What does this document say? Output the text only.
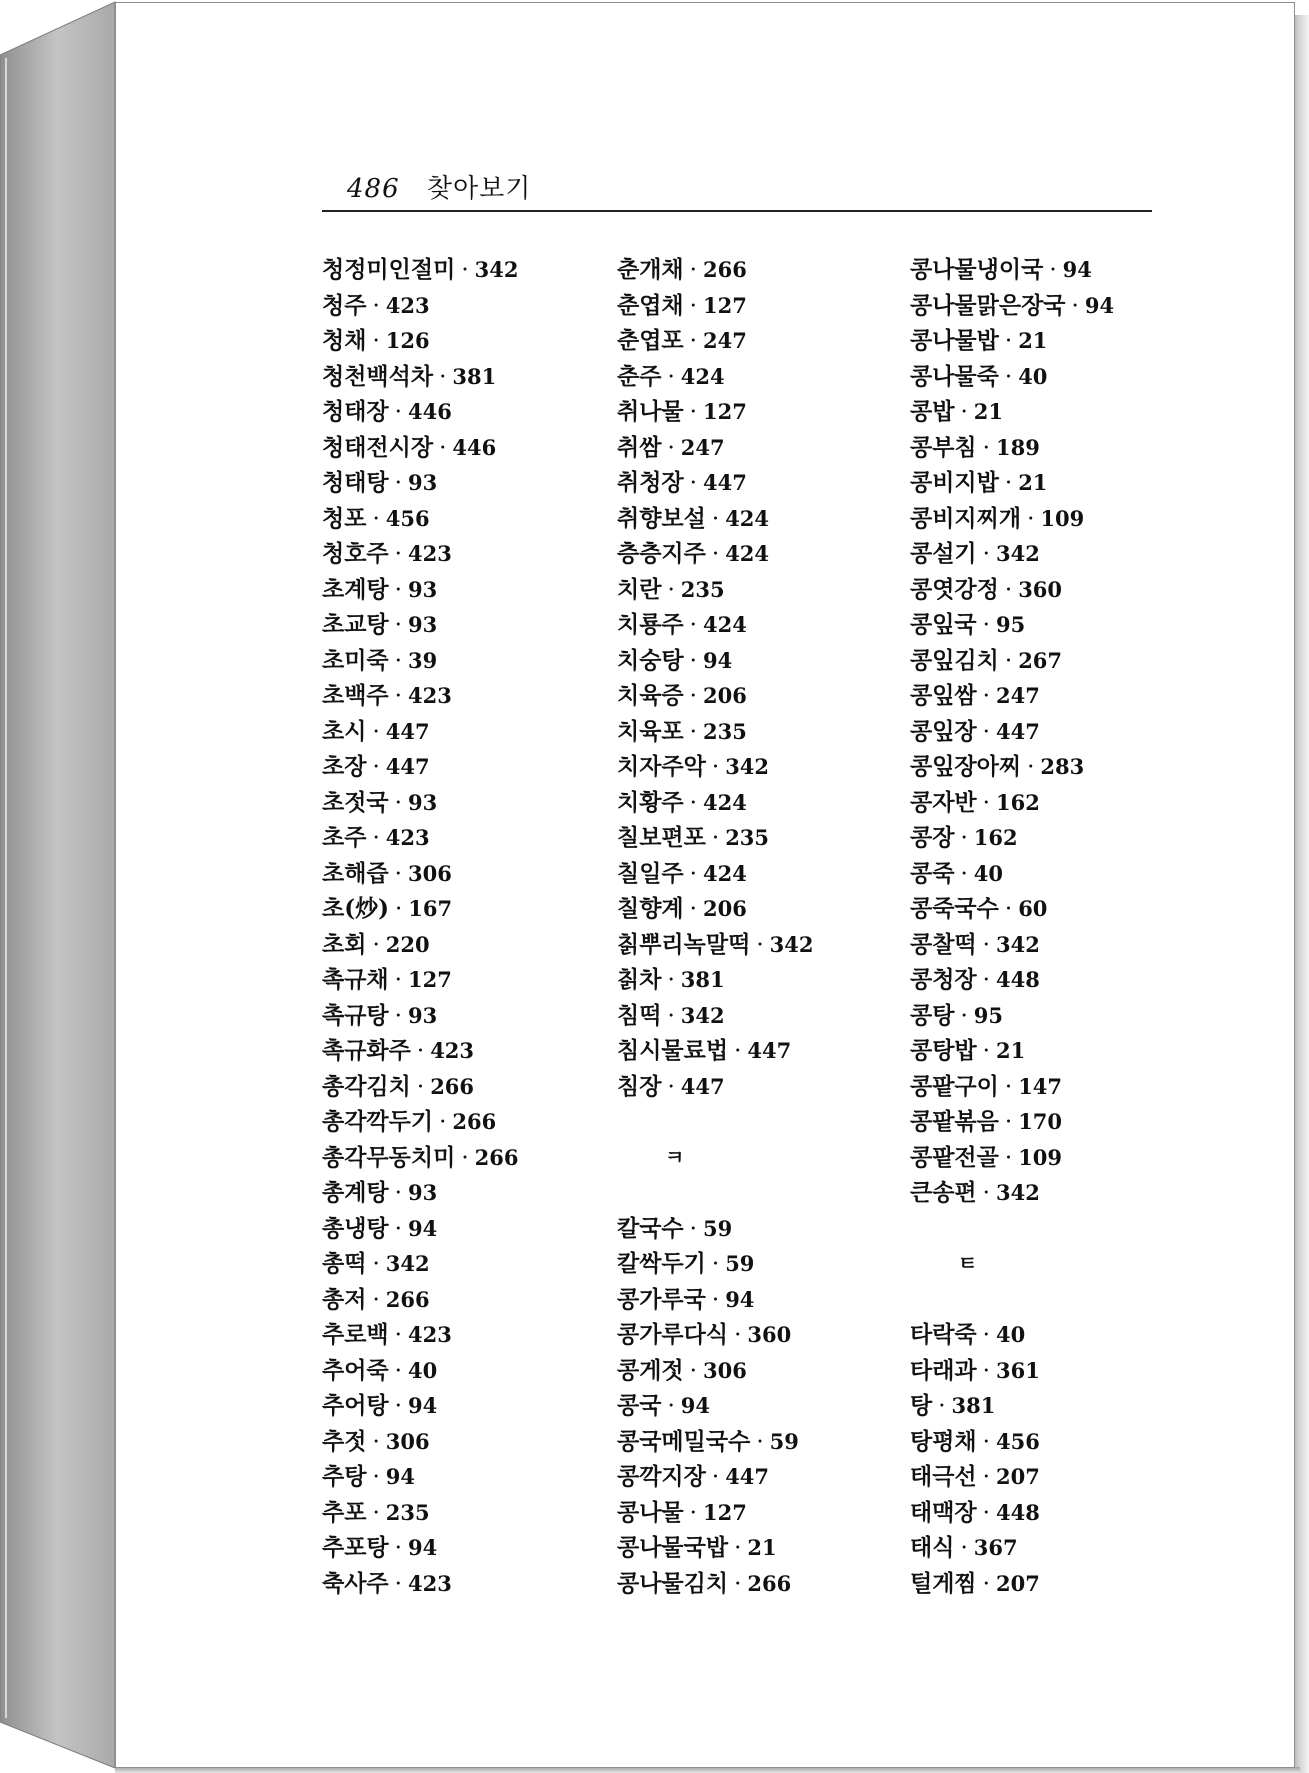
486 찾아보기
청정미인절미 · 342
청주 · 423
청채 · 126
청천백석차 · 381
청태장 · 446
청태전시장 · 446
청태탕 · 93
청포 · 456
청호주 · 423
초계탕 · 93
초교탕 · 93
초미죽 · 39
초백주 · 423
초시 · 447
초장 · 447
초젓국 · 93
초주 · 423
초해즙 · 306
초(炒) · 167
초회 · 220
촉규채 · 127
촉규탕 · 93
촉규화주 · 423
총각김치 · 266
총각깍두기 · 266
총각무동치미 · 266
총계탕 · 93
총냉탕 · 94
총떡 · 342
총저 · 266
추로백 · 423
추어죽 · 40
추어탕 · 94
추젓 · 306
추탕 · 94
추포 · 235
추포탕 · 94
축사주 · 423
춘개채 · 266
춘엽채 · 127
춘엽포 · 247
춘주 · 424
취나물 · 127
취쌈 · 247
취청장 · 447
취향보설 · 424
층층지주 · 424
치란 · 235
치룡주 · 424
치숭탕 · 94
치육증 · 206
치육포 · 235
치자주악 · 342
치황주 · 424
칠보편포 · 235
칠일주 · 424
칠향계 · 206
칡뿌리녹말떡 · 342
칡차 · 381
침떡 · 342
침시물료법 · 447
침장 · 447
ㅋ
칼국수 · 59
칼싹두기 · 59
콩가루국 · 94
콩가루다식 · 360
콩게젓 · 306
콩국 · 94
콩국메밀국수 · 59
콩깍지장 · 447
콩나물 · 127
콩나물국밥 · 21
콩나물김치 · 266
콩나물냉이국 · 94
콩나물맑은장국 · 94
콩나물밥 · 21
콩나물죽 · 40
콩밥 · 21
콩부침 · 189
콩비지밥 · 21
콩비지찌개 · 109
콩설기 · 342
콩엿강정 · 360
콩잎국 · 95
콩잎김치 · 267
콩잎쌈 · 247
콩잎장 · 447
콩잎장아찌 · 283
콩자반 · 162
콩장 · 162
콩죽 · 40
콩죽국수 · 60
콩찰떡 · 342
콩청장 · 448
콩탕 · 95
콩탕밥 · 21
콩팥구이 · 147
콩팥볶음 · 170
콩팥전골 · 109
큰송편 · 342
ㅌ
타락죽 · 40
타래과 · 361
탕 · 381
탕평채 · 456
태극선 · 207
태맥장 · 448
태식 · 367
털게찜 · 207
